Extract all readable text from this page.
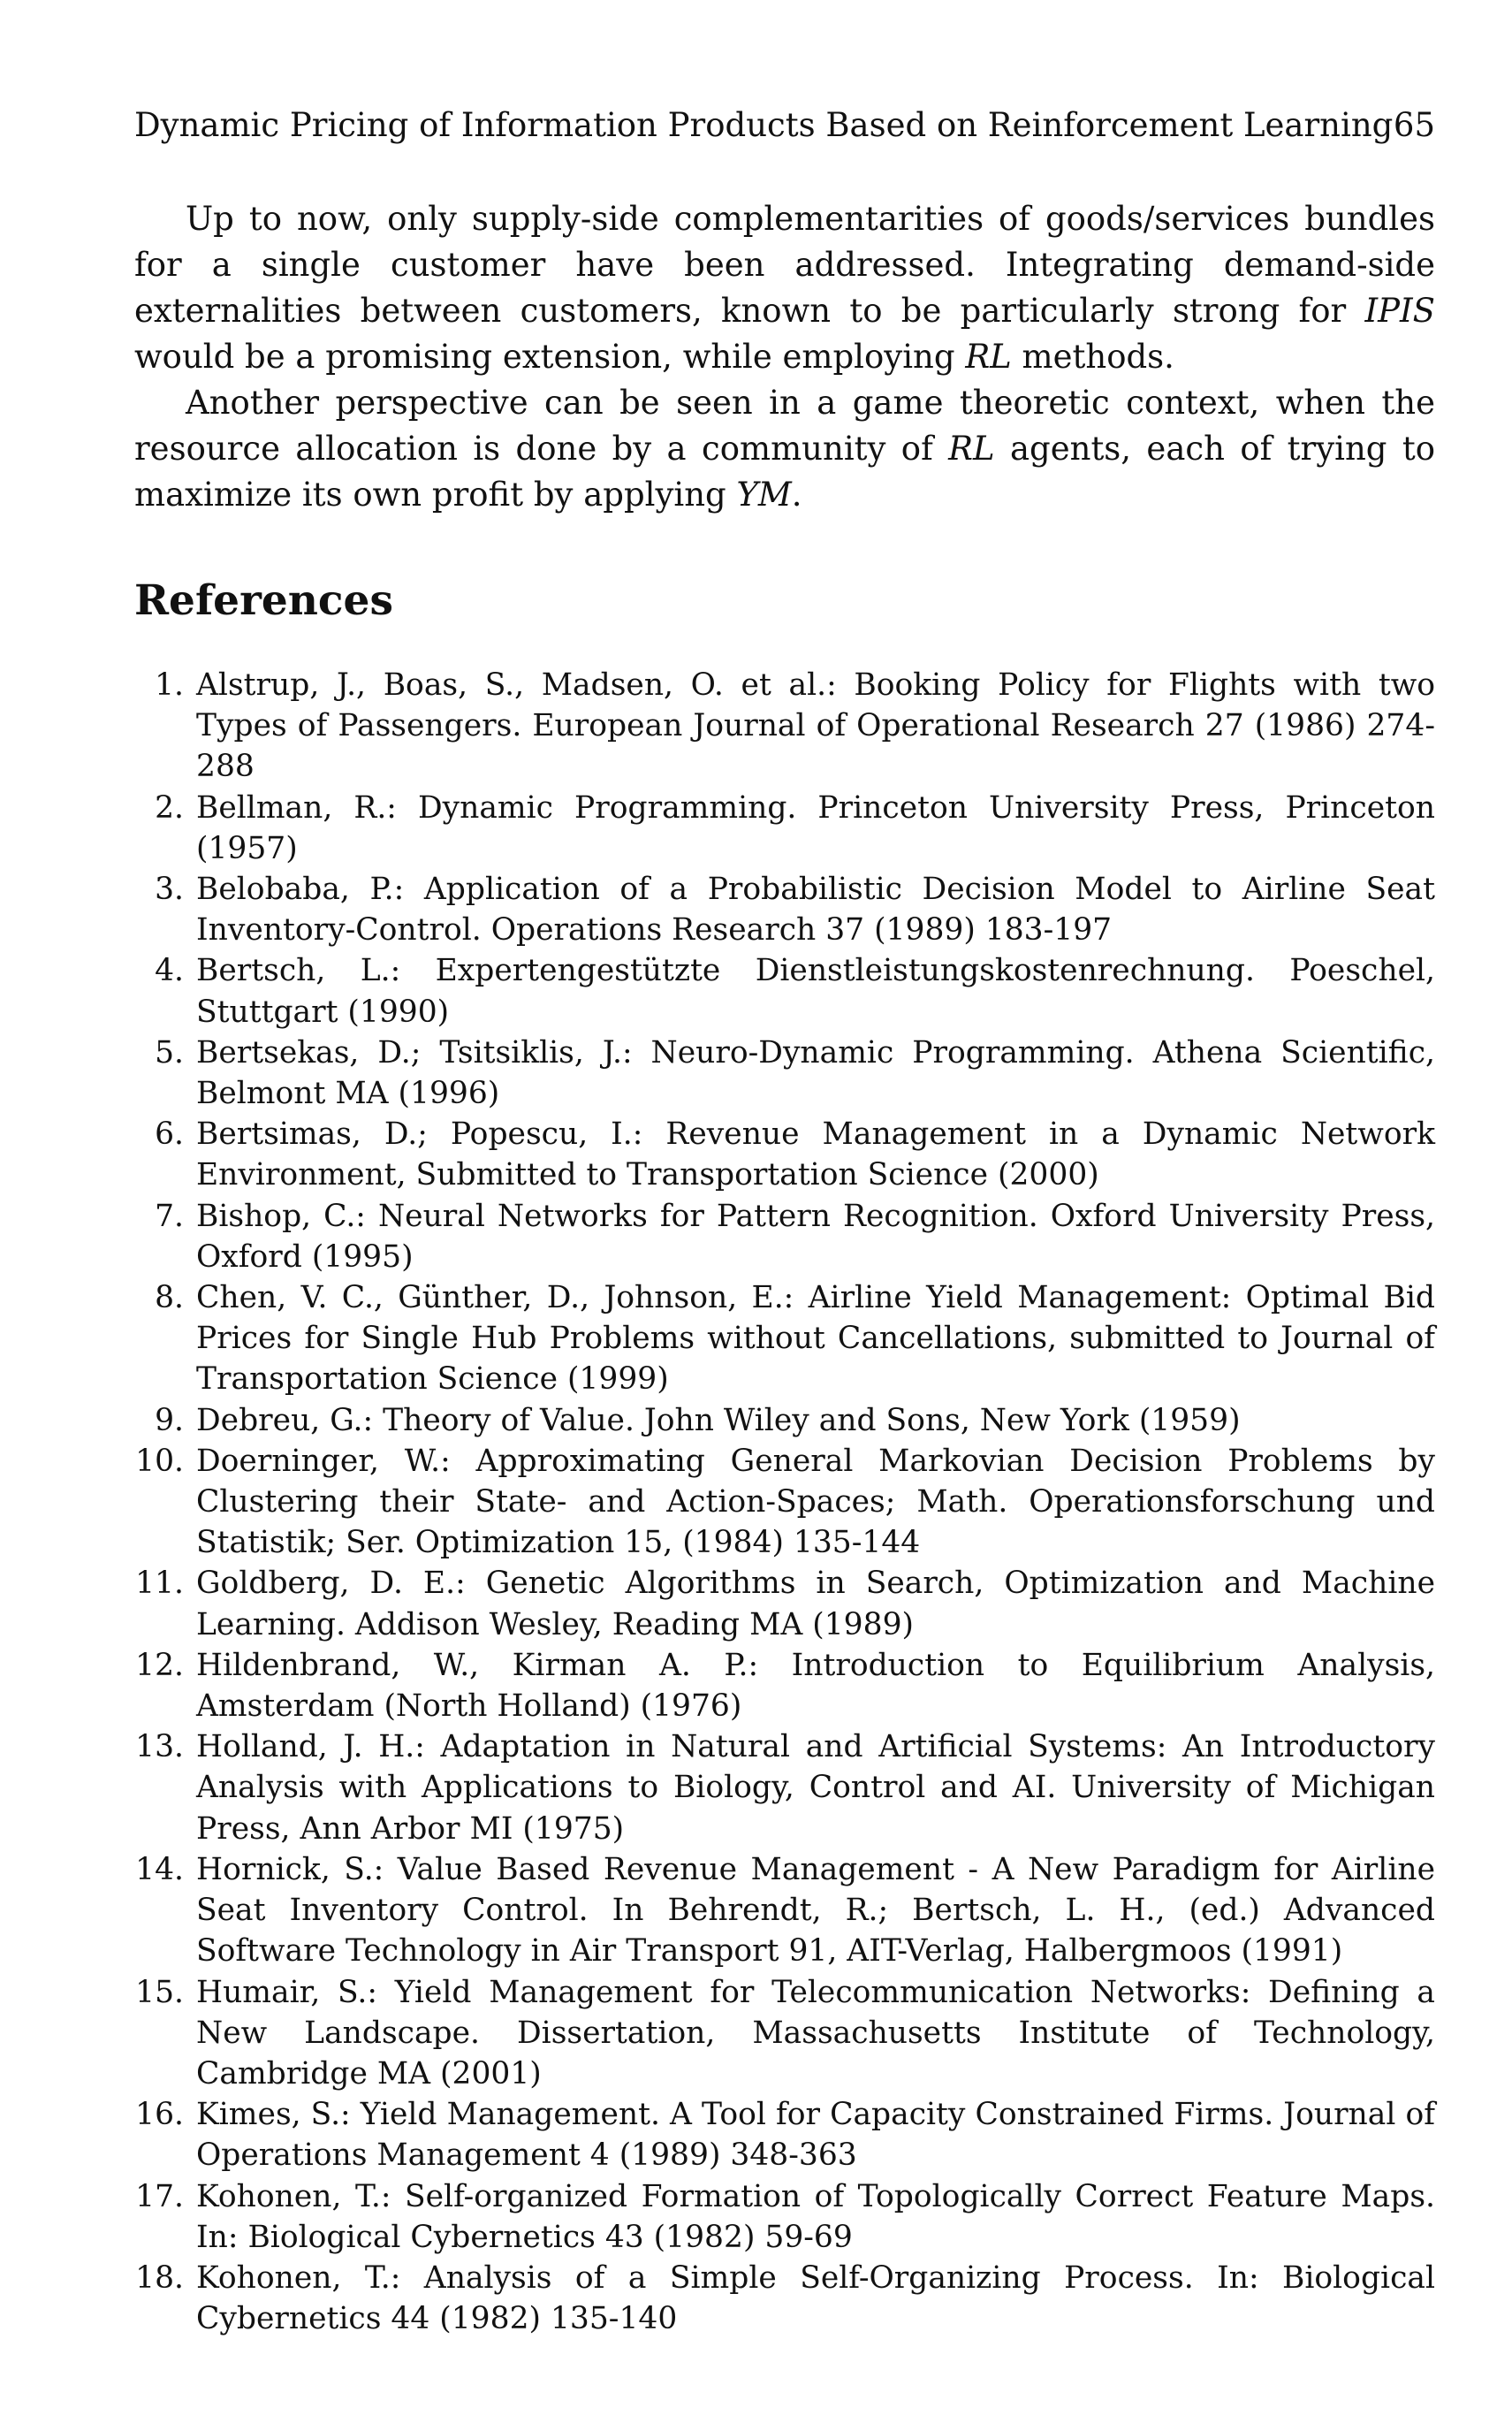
Dynamic Pricing of Information Products Based on Reinforcement Learning 65

Up to now, only supply-side complementarities of goods/services bundles for a single customer have been addressed. Integrating demand-side externalities between customers, known to be particularly strong for IPIS would be a promising extension, while employing RL methods.

Another perspective can be seen in a game theoretic context, when the resource allocation is done by a community of RL agents, each of trying to maximize its own profit by applying YM.

References
1. Alstrup, J., Boas, S., Madsen, O. et al.: Booking Policy for Flights with two Types of Passengers. European Journal of Operational Research 27 (1986) 274-288
2. Bellman, R.: Dynamic Programming. Princeton University Press, Princeton (1957)
3. Belobaba, P.: Application of a Probabilistic Decision Model to Airline Seat Inventory-Control. Operations Research 37 (1989) 183-197
4. Bertsch, L.: Expertengestützte Dienstleistungskostenrechnung. Poeschel, Stuttgart (1990)
5. Bertsekas, D.; Tsitsiklis, J.: Neuro-Dynamic Programming. Athena Scientific, Belmont MA (1996)
6. Bertsimas, D.; Popescu, I.: Revenue Management in a Dynamic Network Environment, Submitted to Transportation Science (2000)
7. Bishop, C.: Neural Networks for Pattern Recognition. Oxford University Press, Oxford (1995)
8. Chen, V. C., Günther, D., Johnson, E.: Airline Yield Management: Optimal Bid Prices for Single Hub Problems without Cancellations, submitted to Journal of Transportation Science (1999)
9. Debreu, G.: Theory of Value. John Wiley and Sons, New York (1959)
10. Doerninger, W.: Approximating General Markovian Decision Problems by Clustering their State- and Action-Spaces; Math. Operationsforschung und Statistik; Ser. Optimization 15, (1984) 135-144
11. Goldberg, D. E.: Genetic Algorithms in Search, Optimization and Machine Learning. Addison Wesley, Reading MA (1989)
12. Hildenbrand, W., Kirman A. P.: Introduction to Equilibrium Analysis, Amsterdam (North Holland) (1976)
13. Holland, J. H.: Adaptation in Natural and Artificial Systems: An Introductory Analysis with Applications to Biology, Control and AI. University of Michigan Press, Ann Arbor MI (1975)
14. Hornick, S.: Value Based Revenue Management - A New Paradigm for Airline Seat Inventory Control. In Behrendt, R.; Bertsch, L. H., (ed.) Advanced Software Technology in Air Transport 91, AIT-Verlag, Halbergmoos (1991)
15. Humair, S.: Yield Management for Telecommunication Networks: Defining a New Landscape. Dissertation, Massachusetts Institute of Technology, Cambridge MA (2001)
16. Kimes, S.: Yield Management. A Tool for Capacity Constrained Firms. Journal of Operations Management 4 (1989) 348-363
17. Kohonen, T.: Self-organized Formation of Topologically Correct Feature Maps. In: Biological Cybernetics 43 (1982) 59-69
18. Kohonen, T.: Analysis of a Simple Self-Organizing Process. In: Biological Cybernetics 44 (1982) 135-140
